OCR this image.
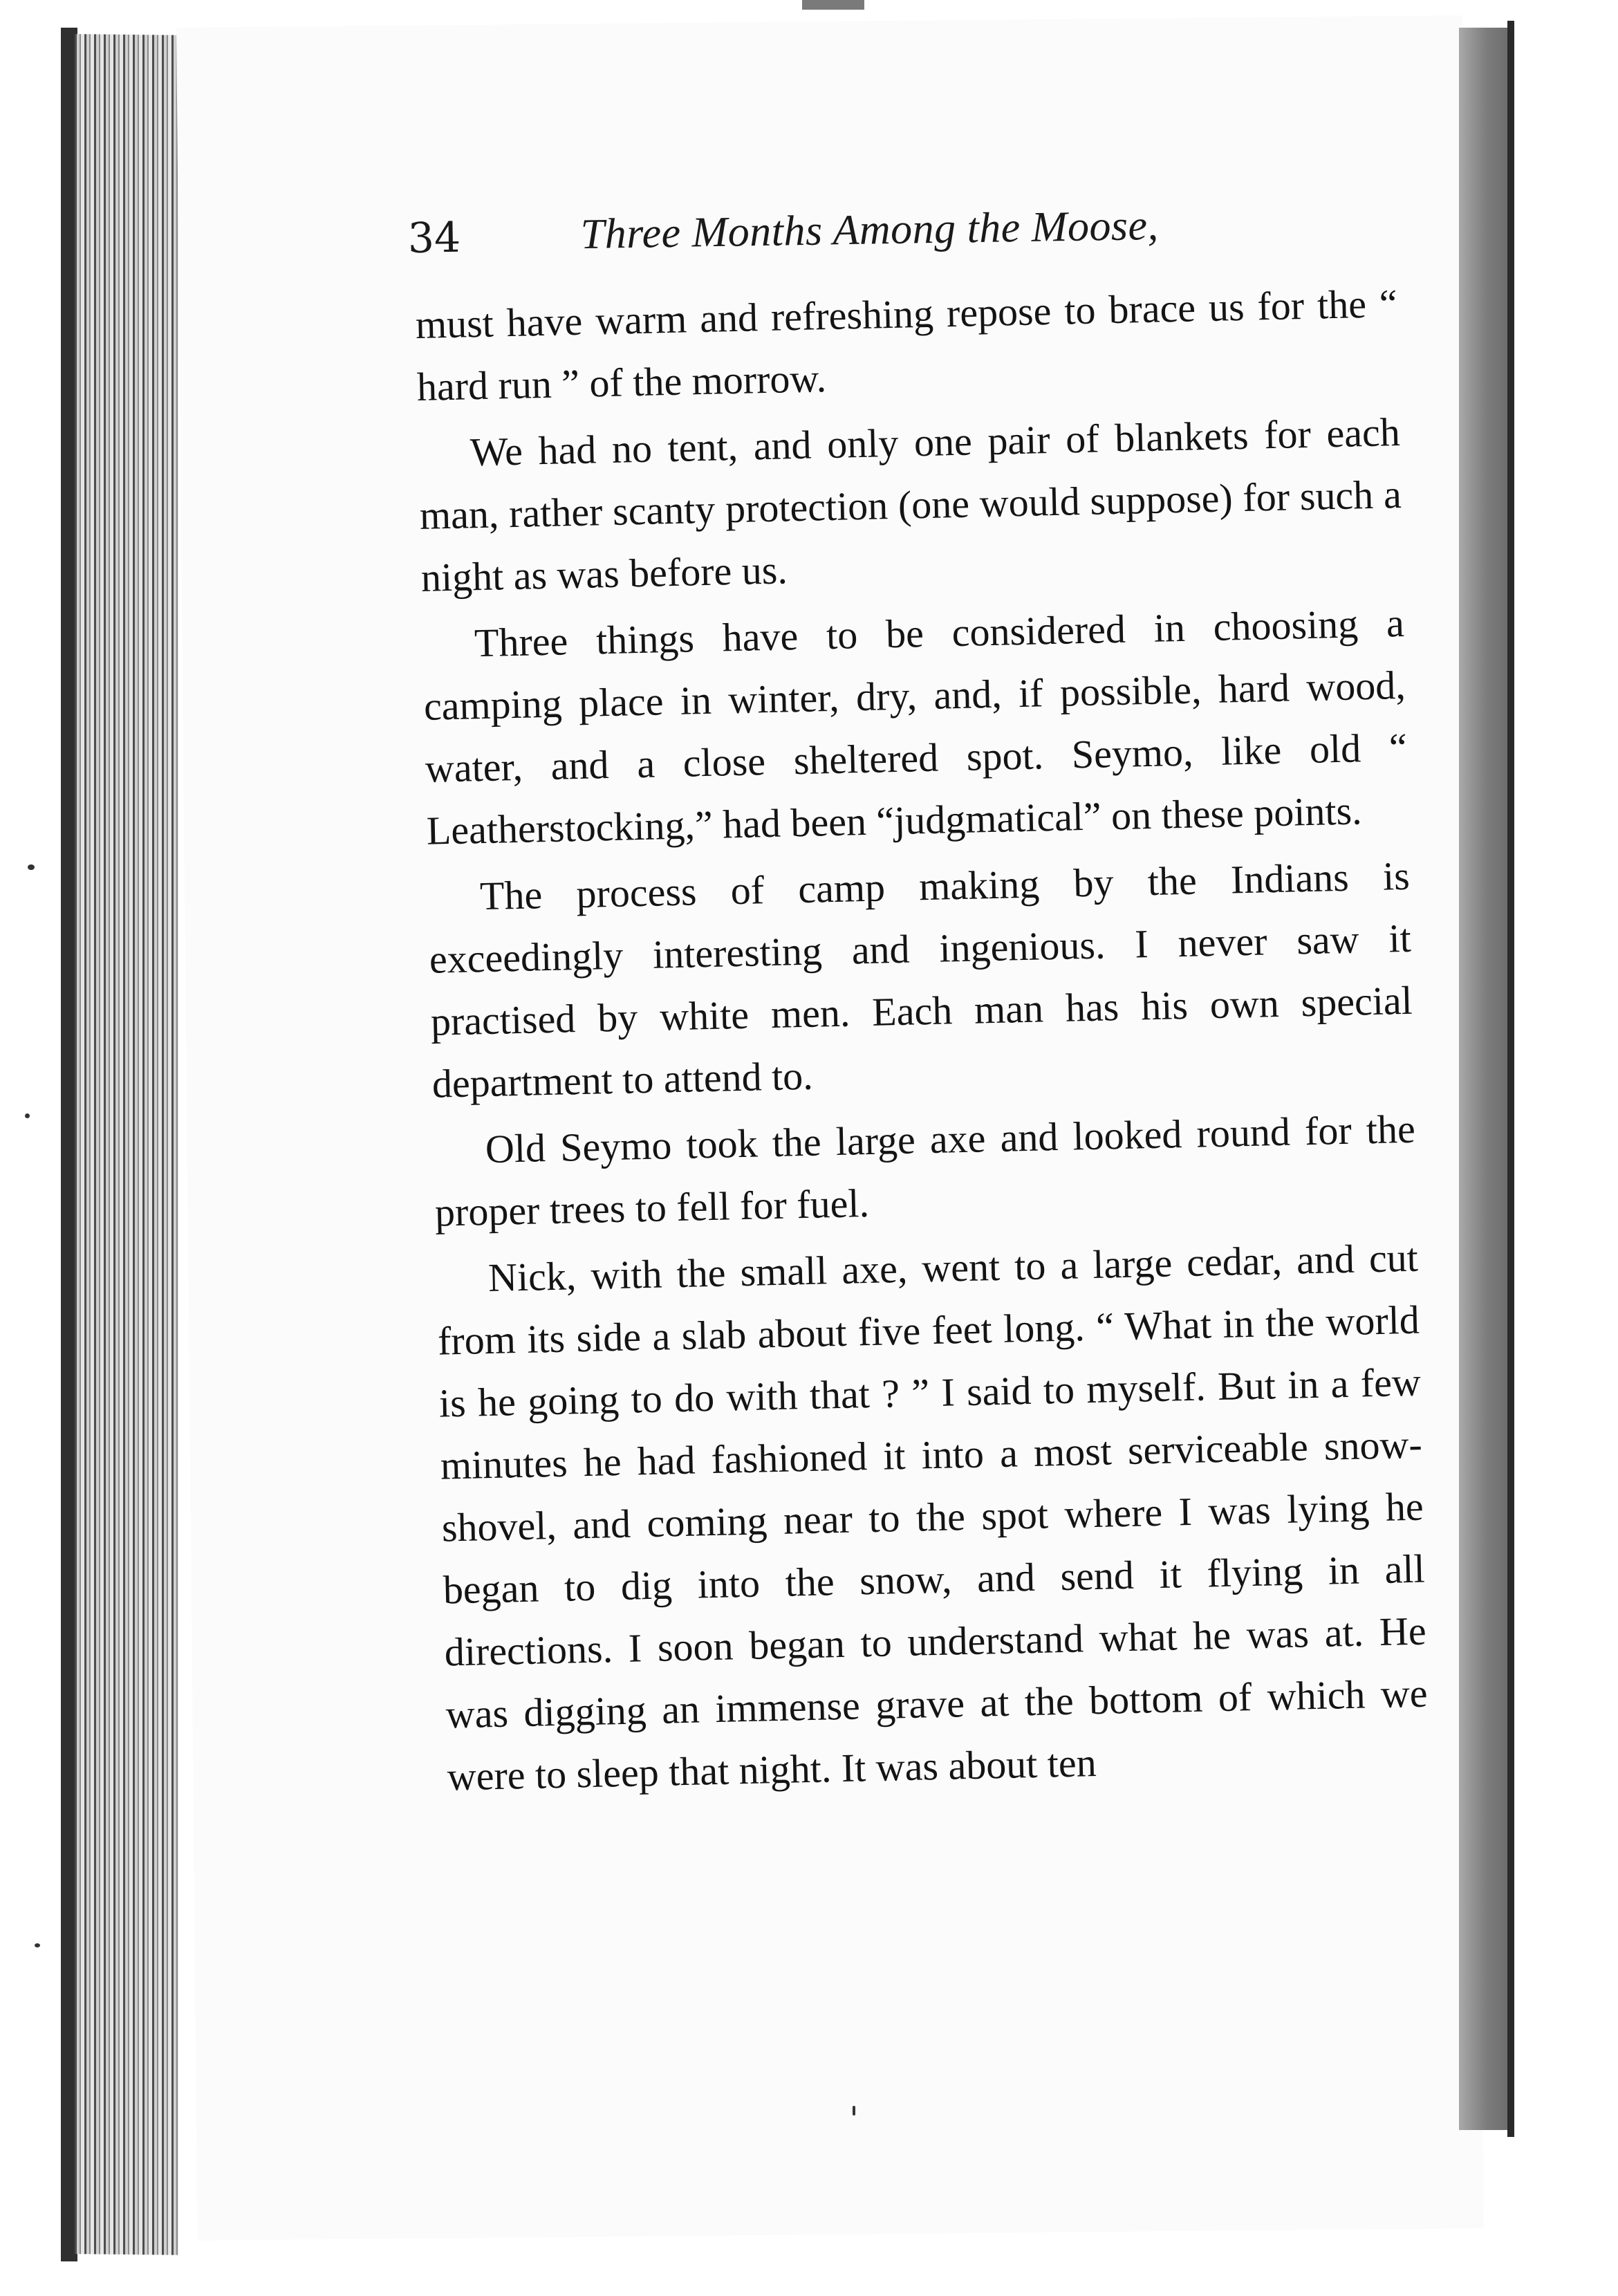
34	Three Months Among the Moose,

must have warm and refreshing repose to brace us for the “ hard run ” of the morrow.

We had no tent, and only one pair of blankets for each man, rather scanty protection (one would suppose) for such a night as was before us.

Three things have to be considered in choosing a camping place in winter, dry, and, if possible, hard wood, water, and a close sheltered spot. Seymo, like old “ Leatherstocking,” had been “judgmatical” on these points.

The process of camp making by the Indians is exceedingly interesting and ingenious. I never saw it practised by white men. Each man has his own special department to attend to.

Old Seymo took the large axe and looked round for the proper trees to fell for fuel.

Nick, with the small axe, went to a large cedar, and cut from its side a slab about five feet long. “ What in the world is he going to do with that ? ” I said to myself. But in a few minutes he had fashioned it into a most serviceable snow-shovel, and coming near to the spot where I was lying he began to dig into the snow, and send it flying in all directions. I soon began to understand what he was at. He was digging an immense grave at the bottom of which we were to sleep that night. It was about ten
